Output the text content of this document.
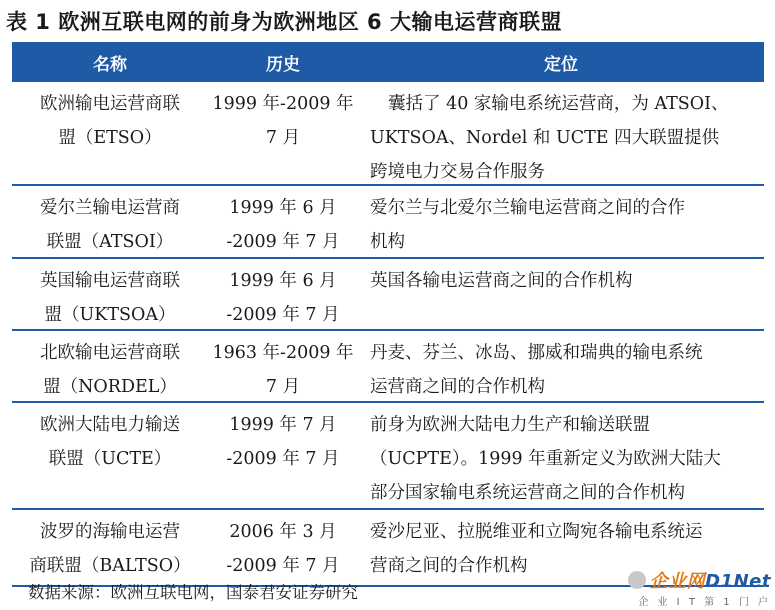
表 1 欧洲互联电网的前身为欧洲地区 6 大输电运营商联盟
名称	历史	定位
欧洲输电运营商联
盟（ETSO）
1999 年-2009 年
7 月
囊括了 40 家输电系统运营商，为 ATSOI、
UKTSOA、Nordel 和 UCTE 四大联盟提供
跨境电力交易合作服务
爱尔兰输电运营商
联盟（ATSOI）
1999 年 6 月
-2009 年 7 月
爱尔兰与北爱尔兰输电运营商之间的合作
机构
英国输电运营商联
盟（UKTSOA）
1999 年 6 月
-2009 年 7 月
英国各输电运营商之间的合作机构
北欧输电运营商联
盟（NORDEL）
1963 年-2009 年
7 月
丹麦、芬兰、冰岛、挪威和瑞典的输电系统
运营商之间的合作机构
欧洲大陆电力输送
联盟（UCTE）
1999 年 7 月
-2009 年 7 月
前身为欧洲大陆电力生产和输送联盟
（UCPTE）。1999 年重新定义为欧洲大陆大
部分国家输电系统运营商之间的合作机构
波罗的海输电运营
商联盟（BALTSO）
2006 年 3 月
-2009 年 7 月
爱沙尼亚、拉脱维亚和立陶宛各输电系统运
营商之间的合作机构
数据来源：欧洲互联电网，国泰君安证券研究
企业网D1Net
企 业 I T 第 1 门 户
